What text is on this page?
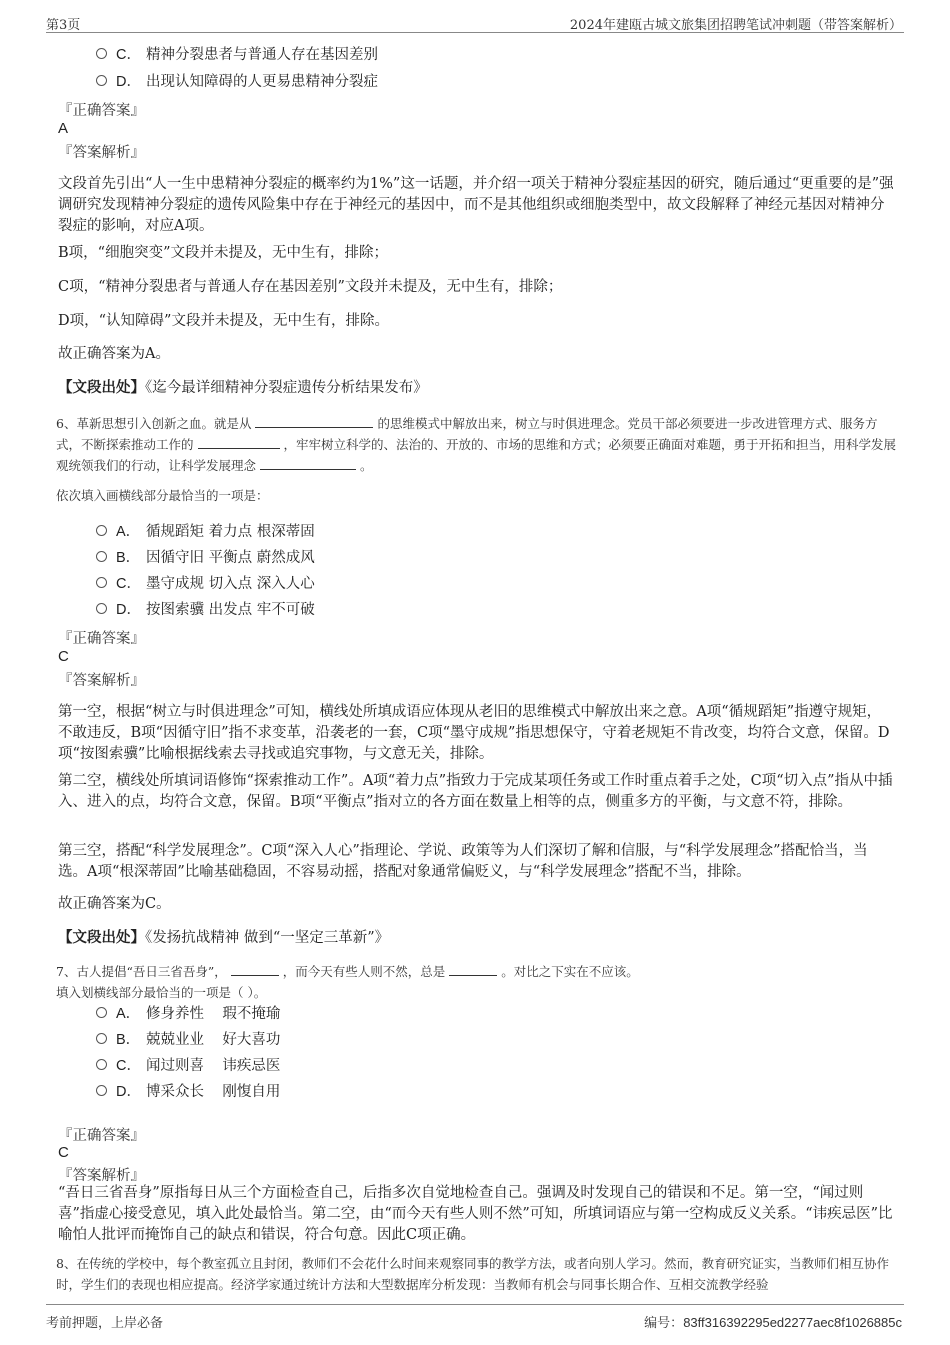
第3页	2024年建瓯古城文旅集团招聘笔试冲刺题（带答案解析）
C． 精神分裂患者与普通人存在基因差别
D． 出现认知障碍的人更易患精神分裂症
『正确答案』
A
『答案解析』

文段首先引出“人一生中患精神分裂症的概率约为1%”这一话题，并介绍一项关于精神分裂症基因的研究，随后通过“更重要的是”强调研究发现精神分裂症的遗传风险集中存在于神经元的基因中，而不是其他组织或细胞类型中，故文段解释了神经元基因对精神分裂症的影响，对应A项。

B项，“细胞突变”文段并未提及，无中生有，排除；

C项，“精神分裂患者与普通人存在基因差别”文段并未提及，无中生有，排除；

D项，“认知障碍”文段并未提及，无中生有，排除。

故正确答案为A。

【文段出处】《迄今最详细精神分裂症遗传分析结果发布》

6、革新思想引入创新之血。就是从	的思维模式中解放出来，树立与时俱进理念。党员干部必须要进一步改进管理方式、服务方式，不断探索推动工作的	，牢牢树立科学的、法治的、开放的、市场的思维和方式；必须要正确面对难题，勇于开拓和担当，用科学发展观统领我们的行动，让科学发展理念	。

依次填入画横线部分最恰当的一项是：
A． 循规蹈矩 着力点 根深蒂固
B． 因循守旧 平衡点 蔚然成风
C． 墨守成规 切入点 深入人心
D． 按图索骥 出发点 牢不可破
『正确答案』
C
『答案解析』

第一空，根据“树立与时俱进理念”可知，横线处所填成语应体现从老旧的思维模式中解放出来之意。A项“循规蹈矩”指遵守规矩，不敢违反，B项“因循守旧”指不求变革，沿袭老的一套，C项“墨守成规”指思想保守，守着老规矩不肯改变，均符合文意，保留。D项“按图索骥”比喻根据线索去寻找或追究事物，与文意无关，排除。

第二空，横线处所填词语修饰“探索推动工作”。A项“着力点”指致力于完成某项任务或工作时重点着手之处，C项“切入点”指从中插入、进入的点，均符合文意，保留。B项“平衡点”指对立的各方面在数量上相等的点，侧重多方的平衡，与文意不符，排除。

第三空，搭配“科学发展理念”。C项“深入人心”指理论、学说、政策等为人们深切了解和信服，与“科学发展理念”搭配恰当，当选。A项“根深蒂固”比喻基础稳固，不容易动摇，搭配对象通常偏贬义，与“科学发展理念”搭配不当，排除。

故正确答案为C。

【文段出处】《发扬抗战精神 做到“一坚定三革新”》

7、古人提倡“吾日三省吾身”，	，而今天有些人则不然，总是	。对比之下实在不应该。

填入划横线部分最恰当的一项是（ ）。
A． 修身养性    瑕不掩瑜
B． 兢兢业业    好大喜功
C． 闻过则喜    讳疾忌医
D． 博采众长    刚愎自用
『正确答案』
C
『答案解析』

“吾日三省吾身”原指每日从三个方面检查自己，后指多次自觉地检查自己。强调及时发现自己的错误和不足。第一空，“闻过则喜”指虚心接受意见，填入此处最恰当。第二空，由“而今天有些人则不然”可知，所填词语应与第一空构成反义关系。“讳疾忌医”比喻怕人批评而掩饰自己的缺点和错误，符合句意。因此C项正确。

8、在传统的学校中，每个教室孤立且封闭，教师们不会花什么时间来观察同事的教学方法，或者向别人学习。然而，教育研究证实，当教师们相互协作时，学生们的表现也相应提高。经济学家通过统计方法和大型数据库分析发现：当教师有机会与同事长期合作、互相交流教学经验

考前押题，上岸必备	编号：83ff316392295ed2277aec8f1026885c
